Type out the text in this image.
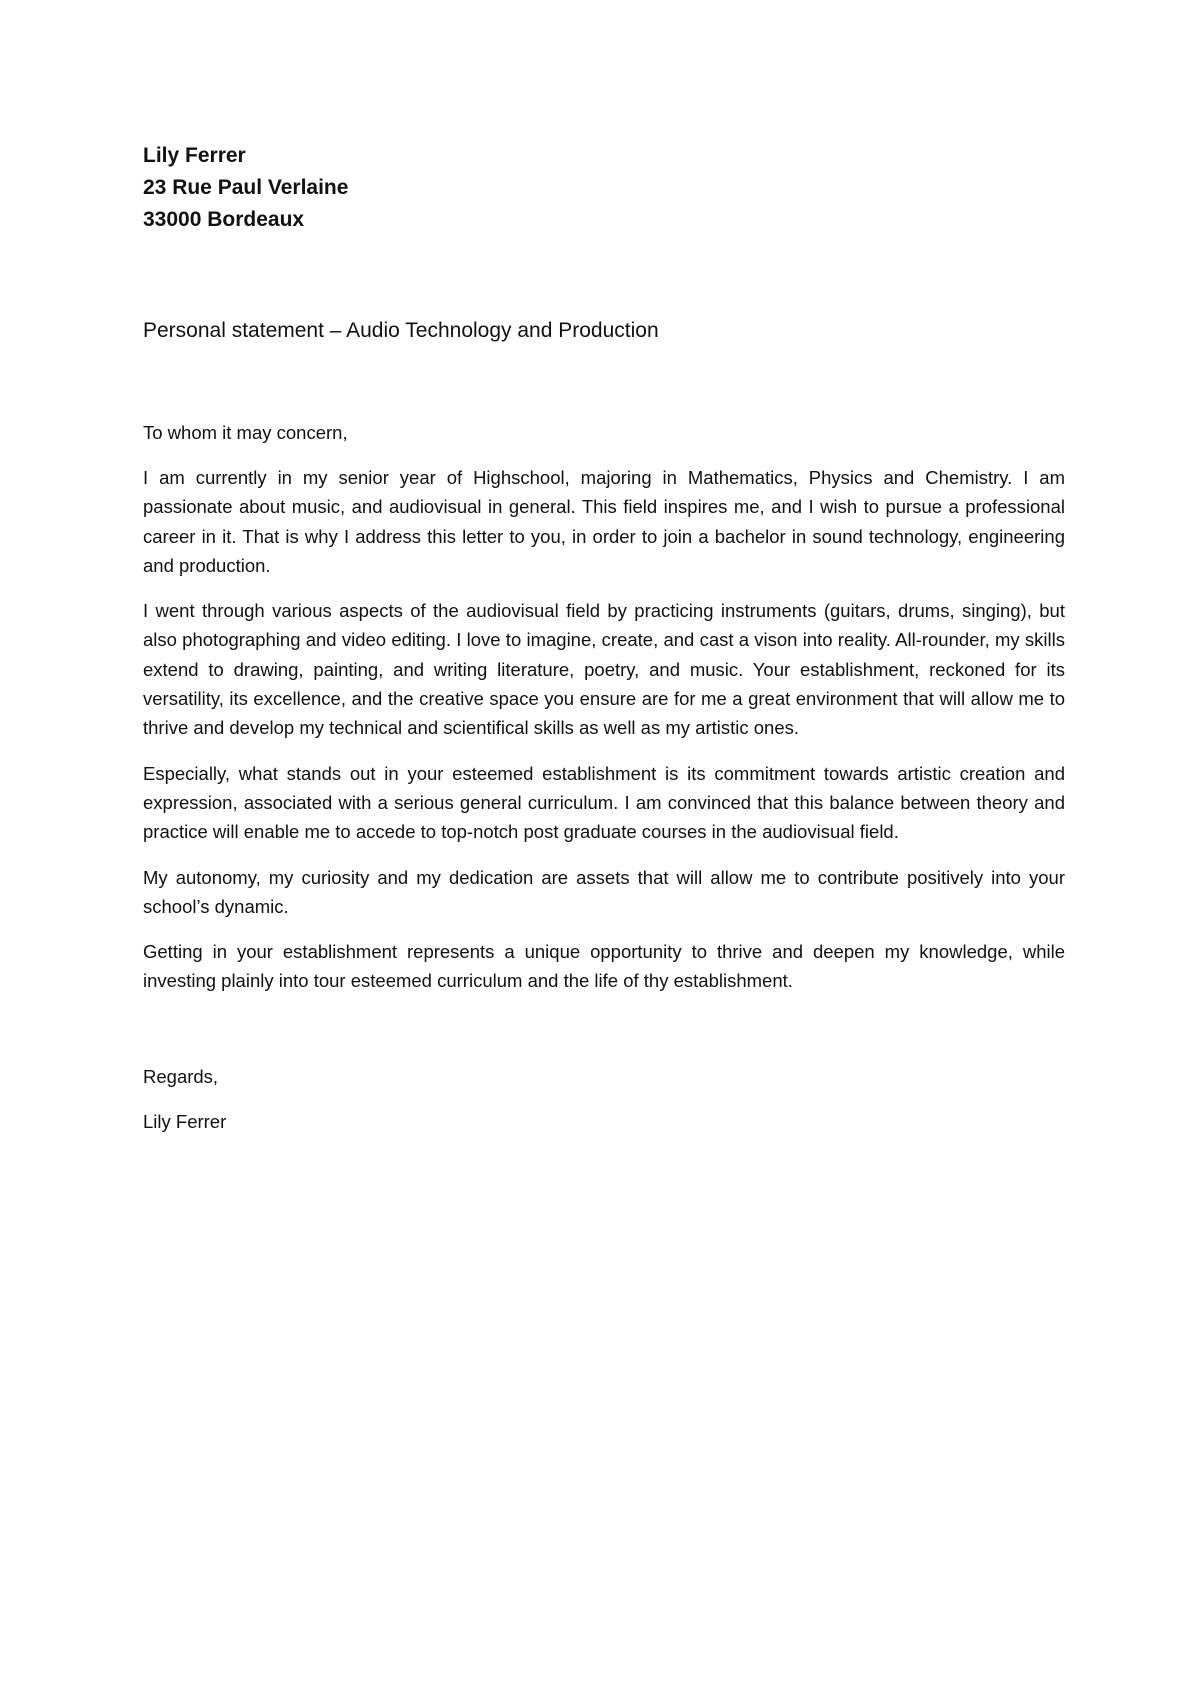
Lily Ferrer
23 Rue Paul Verlaine
33000 Bordeaux
Personal statement – Audio Technology and Production
To whom it may concern,
I am currently in my senior year of Highschool, majoring in Mathematics, Physics and Chemistry. I am passionate about music, and audiovisual in general. This field inspires me, and I wish to pursue a professional career in it. That is why I address this letter to you, in order to join a bachelor in sound technology, engineering and production.
I went through various aspects of the audiovisual field by practicing instruments (guitars, drums, singing), but also photographing and video editing. I love to imagine, create, and cast a vison into reality. All-rounder, my skills extend to drawing, painting, and writing literature, poetry, and music. Your establishment, reckoned for its versatility, its excellence, and the creative space you ensure are for me a great environment that will allow me to thrive and develop my technical and scientifical skills as well as my artistic ones.
Especially, what stands out in your esteemed establishment is its commitment towards artistic creation and expression, associated with a serious general curriculum. I am convinced that this balance between theory and practice will enable me to accede to top-notch post graduate courses in the audiovisual field.
My autonomy, my curiosity and my dedication are assets that will allow me to contribute positively into your school’s dynamic.
Getting in your establishment represents a unique opportunity to thrive and deepen my knowledge, while investing plainly into tour esteemed curriculum and the life of thy establishment.
Regards,
Lily Ferrer
